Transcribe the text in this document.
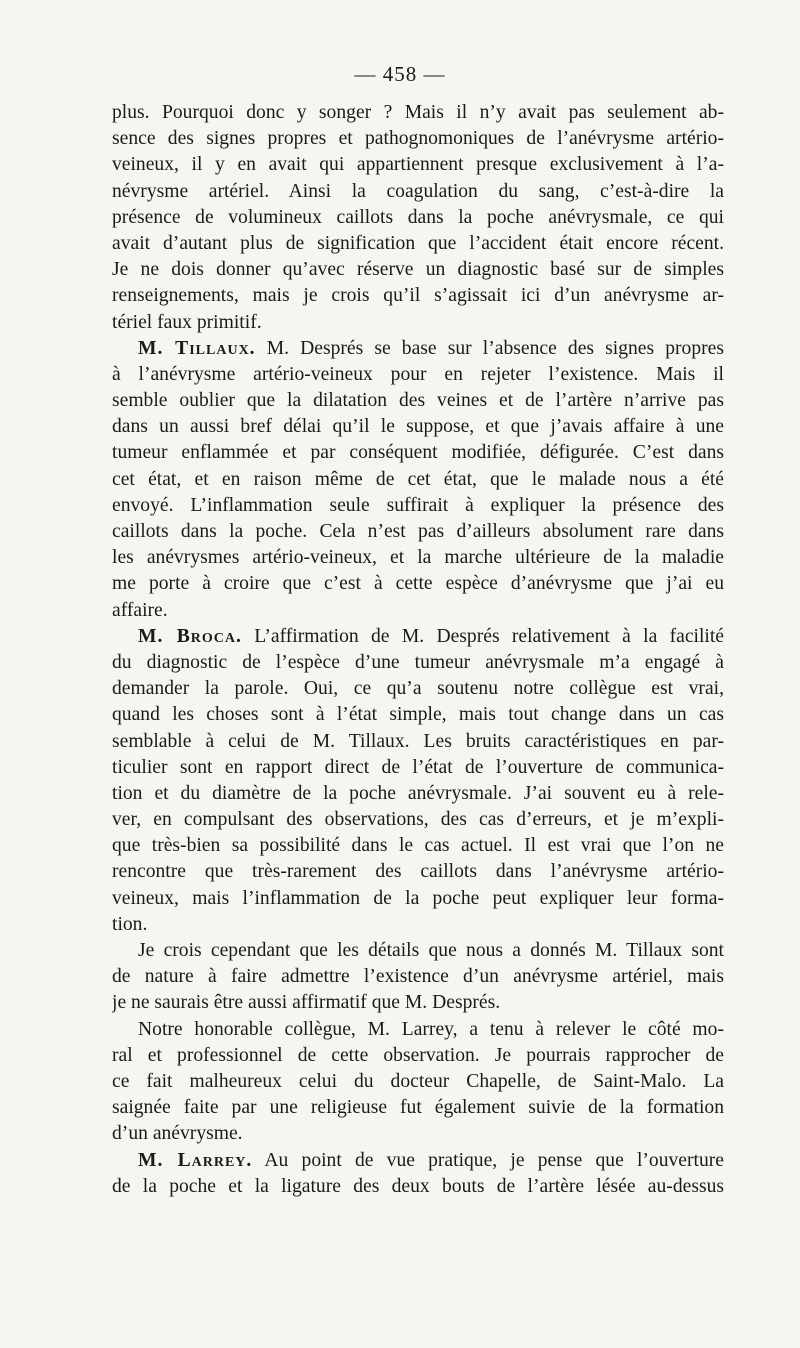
— 458 —
plus. Pourquoi donc y songer ? Mais il n’y avait pas seulement ab-
sence des signes propres et pathognomoniques de l’anévrysme artério-
veineux, il y en avait qui appartiennent presque exclusivement à l’a-
névrysme artériel. Ainsi la coagulation du sang, c’est-à-dire la
présence de volumineux caillots dans la poche anévrysmale, ce qui
avait d’autant plus de signification que l’accident était encore récent.
Je ne dois donner qu’avec réserve un diagnostic basé sur de simples
renseignements, mais je crois qu’il s’agissait ici d’un anévrysme ar-
tériel faux primitif.
M. Tillaux. M. Després se base sur l’absence des signes propres
à l’anévrysme artério-veineux pour en rejeter l’existence. Mais il
semble oublier que la dilatation des veines et de l’artère n’arrive pas
dans un aussi bref délai qu’il le suppose, et que j’avais affaire à une
tumeur enflammée et par conséquent modifiée, défigurée. C’est dans
cet état, et en raison même de cet état, que le malade nous a été
envoyé. L’inflammation seule suffirait à expliquer la présence des
caillots dans la poche. Cela n’est pas d’ailleurs absolument rare dans
les anévrysmes artério-veineux, et la marche ultérieure de la maladie
me porte à croire que c’est à cette espèce d’anévrysme que j’ai eu
affaire.
M. Broca. L’affirmation de M. Després relativement à la facilité
du diagnostic de l’espèce d’une tumeur anévrysmale m’a engagé à
demander la parole. Oui, ce qu’a soutenu notre collègue est vrai,
quand les choses sont à l’état simple, mais tout change dans un cas
semblable à celui de M. Tillaux. Les bruits caractéristiques en par-
ticulier sont en rapport direct de l’état de l’ouverture de communica-
tion et du diamètre de la poche anévrysmale. J’ai souvent eu à rele-
ver, en compulsant des observations, des cas d’erreurs, et je m’expli-
que très-bien sa possibilité dans le cas actuel. Il est vrai que l’on ne
rencontre que très-rarement des caillots dans l’anévrysme artério-
veineux, mais l’inflammation de la poche peut expliquer leur forma-
tion.
Je crois cependant que les détails que nous a donnés M. Tillaux sont
de nature à faire admettre l’existence d’un anévrysme artériel, mais
je ne saurais être aussi affirmatif que M. Després.
Notre honorable collègue, M. Larrey, a tenu à relever le côté mo-
ral et professionnel de cette observation. Je pourrais rapprocher de
ce fait malheureux celui du docteur Chapelle, de Saint-Malo. La
saignée faite par une religieuse fut également suivie de la formation
d’un anévrysme.
M. Larrey. Au point de vue pratique, je pense que l’ouverture
de la poche et la ligature des deux bouts de l’artère lésée au-dessus
